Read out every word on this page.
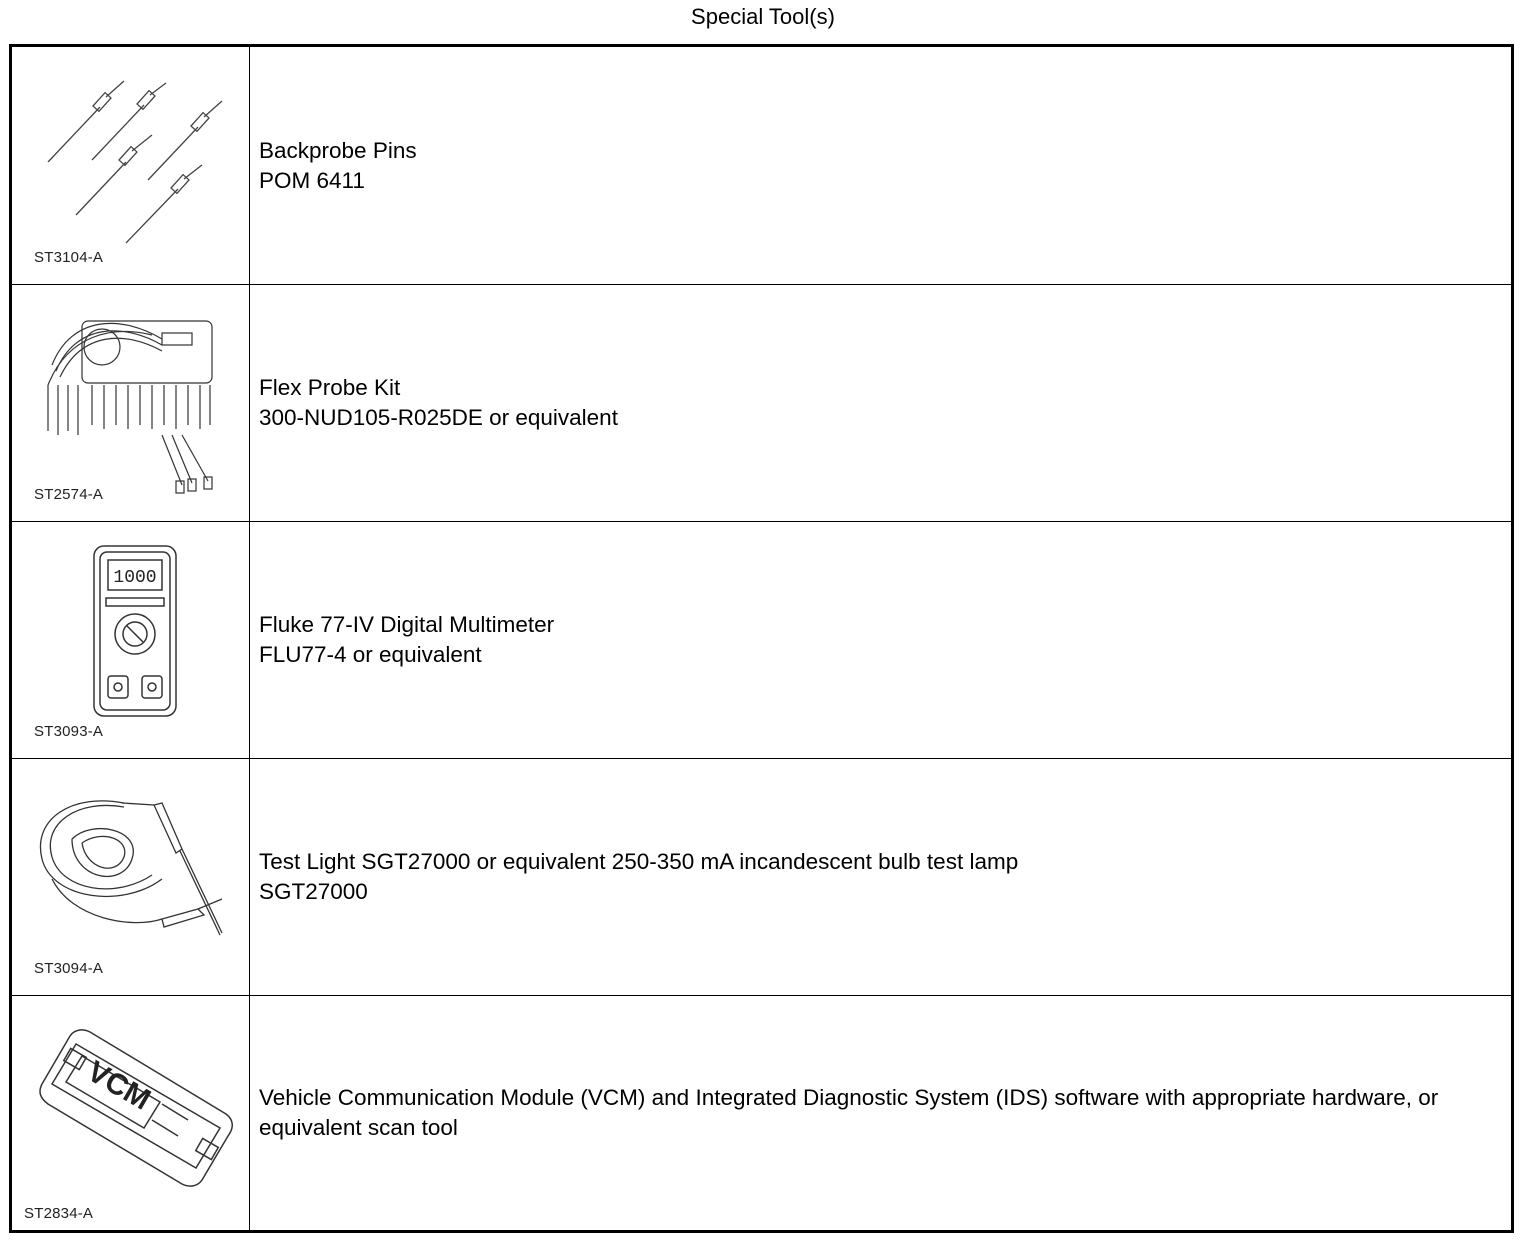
Special Tool(s)
ST3104-A
Backprobe Pins
POM 6411
ST2574-A
Flex Probe Kit
300-NUD105-R025DE or equivalent
1000
ST3093-A
Fluke 77-IV Digital Multimeter
FLU77-4 or equivalent
ST3094-A
Test Light SGT27000 or equivalent 250-350 mA incandescent bulb test lamp
SGT27000
VCM
ST2834-A
Vehicle Communication Module (VCM) and Integrated Diagnostic System (IDS) software with appropriate hardware, or equivalent scan tool
